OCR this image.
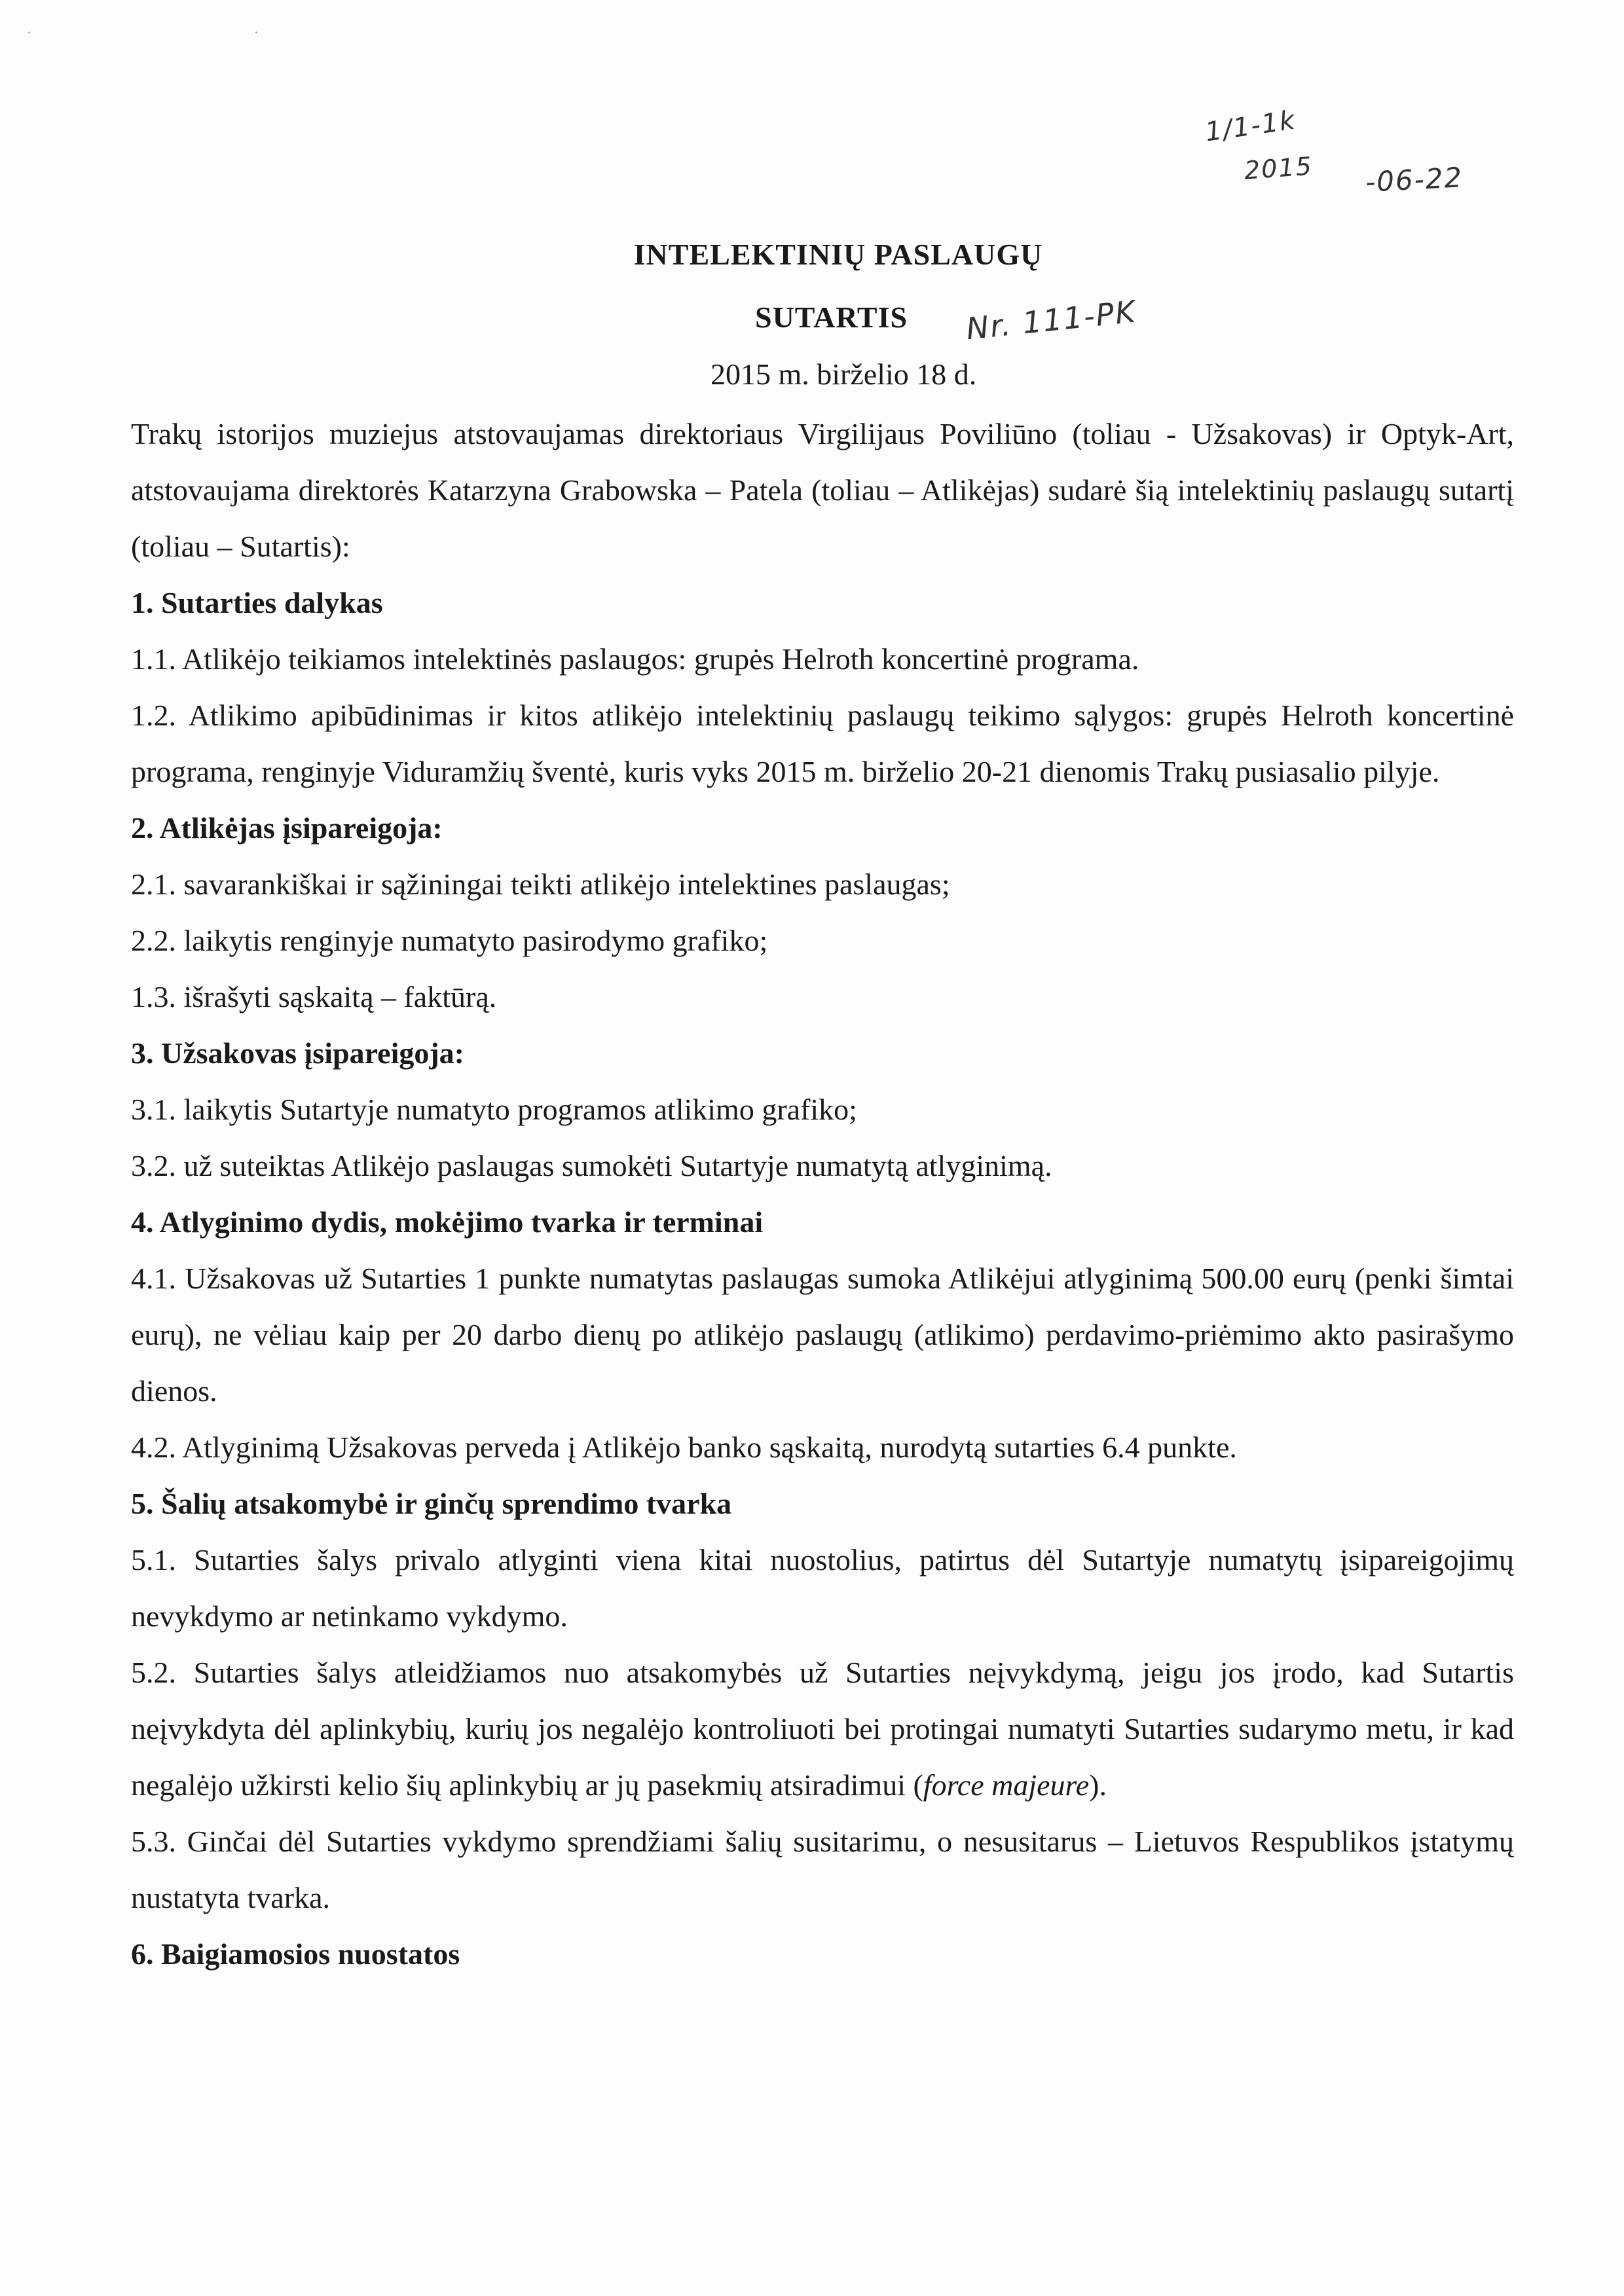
⸱                                                                            ⸱
1/1-1k
2015 -06-22
INTELEKTINIŲ PASLAUGŲ
SUTARTIS Nr. 111-PK
2015 m. birželio 18 d.

Trakų istorijos muziejus atstovaujamas direktoriaus Virgilijaus Poviliūno (toliau - Užsakovas) ir Optyk-Art, atstovaujama direktorės Katarzyna Grabowska – Patela (toliau – Atlikėjas) sudarė šią intelektinių paslaugų sutartį (toliau – Sutartis):

1. Sutarties dalykas

1.1. Atlikėjo teikiamos intelektinės paslaugos: grupės Helroth koncertinė programa.

1.2. Atlikimo apibūdinimas ir kitos atlikėjo intelektinių paslaugų teikimo sąlygos: grupės Helroth koncertinė programa, renginyje Viduramžių šventė, kuris vyks 2015 m. birželio 20-21 dienomis Trakų pusiasalio pilyje.

2. Atlikėjas įsipareigoja:

2.1. savarankiškai ir sąžiningai teikti atlikėjo intelektines paslaugas;

2.2. laikytis renginyje numatyto pasirodymo grafiko;

1.3. išrašyti sąskaitą – faktūrą.

3. Užsakovas įsipareigoja:

3.1. laikytis Sutartyje numatyto programos atlikimo grafiko;

3.2. už suteiktas Atlikėjo paslaugas sumokėti Sutartyje numatytą atlyginimą.

4. Atlyginimo dydis, mokėjimo tvarka ir terminai

4.1. Užsakovas už Sutarties 1 punkte numatytas paslaugas sumoka Atlikėjui atlyginimą 500.00 eurų (penki šimtai eurų), ne vėliau kaip per 20 darbo dienų po atlikėjo paslaugų (atlikimo) perdavimo-priėmimo akto pasirašymo dienos.

4.2. Atlyginimą Užsakovas perveda į Atlikėjo banko sąskaitą, nurodytą sutarties 6.4 punkte.

5. Šalių atsakomybė ir ginčų sprendimo tvarka

5.1. Sutarties šalys privalo atlyginti viena kitai nuostolius, patirtus dėl Sutartyje numatytų įsipareigojimų nevykdymo ar netinkamo vykdymo.

5.2. Sutarties šalys atleidžiamos nuo atsakomybės už Sutarties neįvykdymą, jeigu jos įrodo, kad Sutartis neįvykdyta dėl aplinkybių, kurių jos negalėjo kontroliuoti bei protingai numatyti Sutarties sudarymo metu, ir kad negalėjo užkirsti kelio šių aplinkybių ar jų pasekmių atsiradimui (force majeure).

5.3. Ginčai dėl Sutarties vykdymo sprendžiami šalių susitarimu, o nesusitarus – Lietuvos Respublikos įstatymų nustatyta tvarka.

6. Baigiamosios nuostatos
